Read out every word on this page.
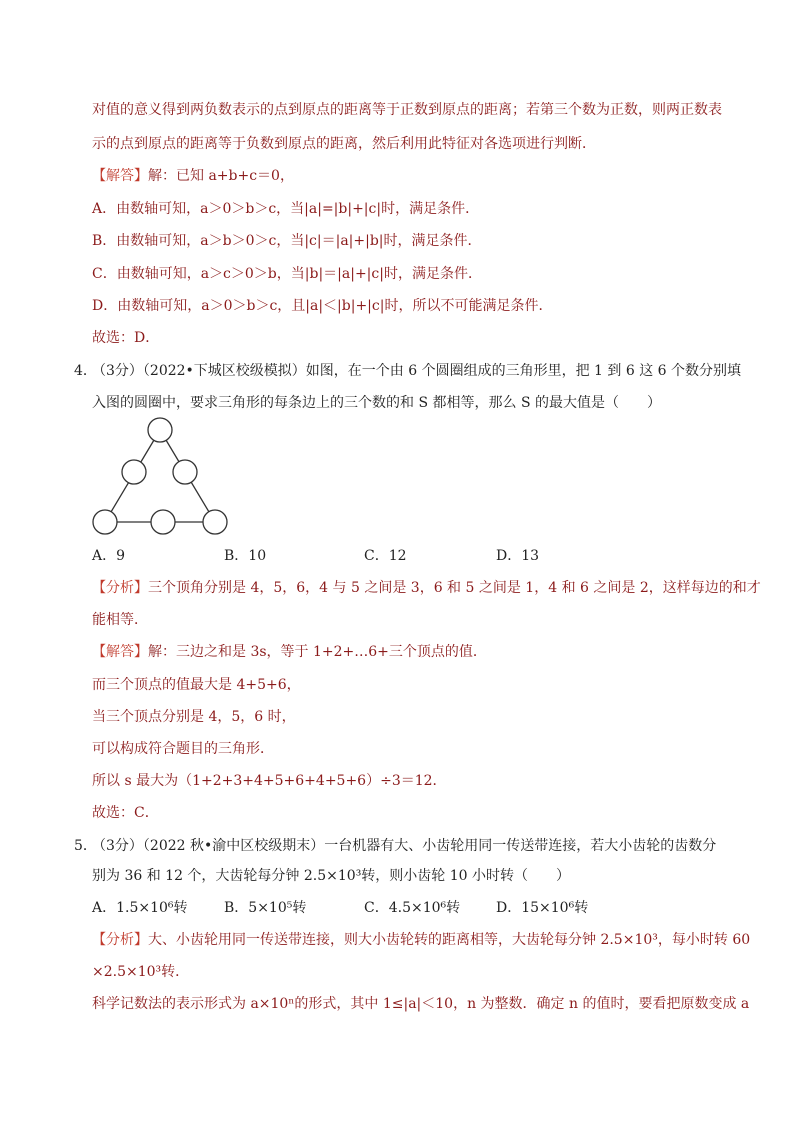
对值的意义得到两负数表示的点到原点的距离等于正数到原点的距离；若第三个数为正数，则两正数表
示的点到原点的距离等于负数到原点的距离，然后利用此特征对各选项进行判断．
【解答】解：已知 a+b+c＝0，
A．由数轴可知，a＞0＞b＞c，当|a|=|b|+|c|时，满足条件．
B．由数轴可知，a＞b＞0＞c，当|c|＝|a|+|b|时，满足条件．
C．由数轴可知，a＞c＞0＞b，当|b|＝|a|+|c|时，满足条件．
D．由数轴可知，a＞0＞b＞c，且|a|＜|b|+|c|时，所以不可能满足条件．
故选：D．
4．
（3分）（2022•下城区校级模拟）如图，在一个由 6 个圆圈组成的三角形里，把 1 到 6 这 6 个数分别填
入图的圆圈中，要求三角形的每条边上的三个数的和 S 都相等，那么 S 的最大值是（　　）
A．9	B．10	C．12	D．13
【分析】三个顶角分别是 4，5，6，4 与 5 之间是 3，6 和 5 之间是 1，4 和 6 之间是 2，这样每边的和才
能相等．
【解答】解：三边之和是 3s，等于 1+2+…6+三个顶点的值．
而三个顶点的值最大是 4+5+6，
当三个顶点分别是 4，5，6 时，
可以构成符合题目的三角形．
所以 s 最大为（1+2+3+4+5+6+4+5+6）÷3＝12．
故选：C．
5．
（3分）（2022 秋•渝中区校级期末）一台机器有大、小齿轮用同一传送带连接，若大小齿轮的齿数分
别为 36 和 12 个，大齿轮每分钟 2.5×10³转，则小齿轮 10 小时转（　　）
A．1.5×10⁶转	B．5×10⁵转	C．4.5×10⁶转	D．15×10⁶转
【分析】大、小齿轮用同一传送带连接，则大小齿轮转的距离相等，大齿轮每分钟 2.5×10³，每小时转 60
×2.5×10³转．
科学记数法的表示形式为 a×10ⁿ的形式，其中 1≤|a|＜10，n 为整数．确定 n 的值时，要看把原数变成 a
